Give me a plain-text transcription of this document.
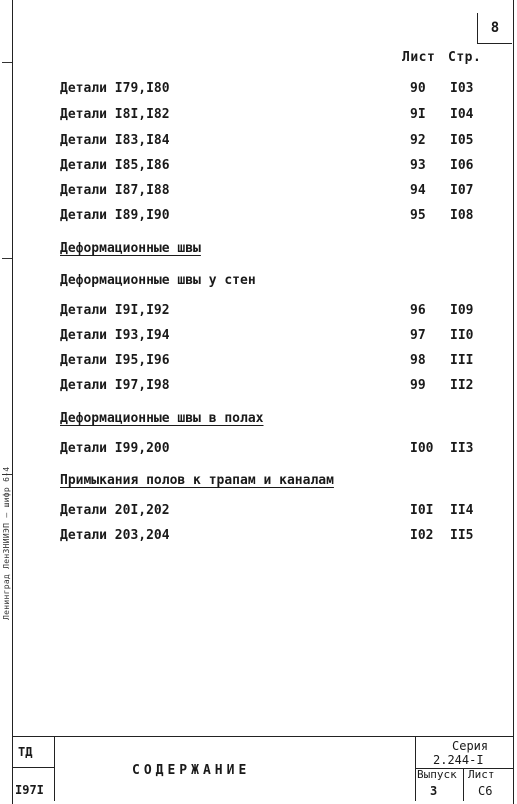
Ленинград ЛенЗНИИЭП — шифр 6-4
8
Лист Стр.
Детали I79,I80	90 I03
Детали I8I,I82	9I I04
Детали I83,I84	92 I05
Детали I85,I86	93 I06
Детали I87,I88	94 I07
Детали I89,I90	95 I08
Деформационные швы
Деформационные швы у стен
Детали I9I,I92	96 I09
Детали I93,I94	97 II0
Детали I95,I96	98 III
Детали I97,I98	99 II2
Деформационные швы в полах
Детали I99,200	I00 II3
Примыкания полов к трапам и каналам
Детали 20I,202	I0I II4
Детали 203,204	I02 II5
ТД
I97I
СОДЕРЖАНИЕ
Серия
2.244-I
Выпуск
3
Лист
С6
